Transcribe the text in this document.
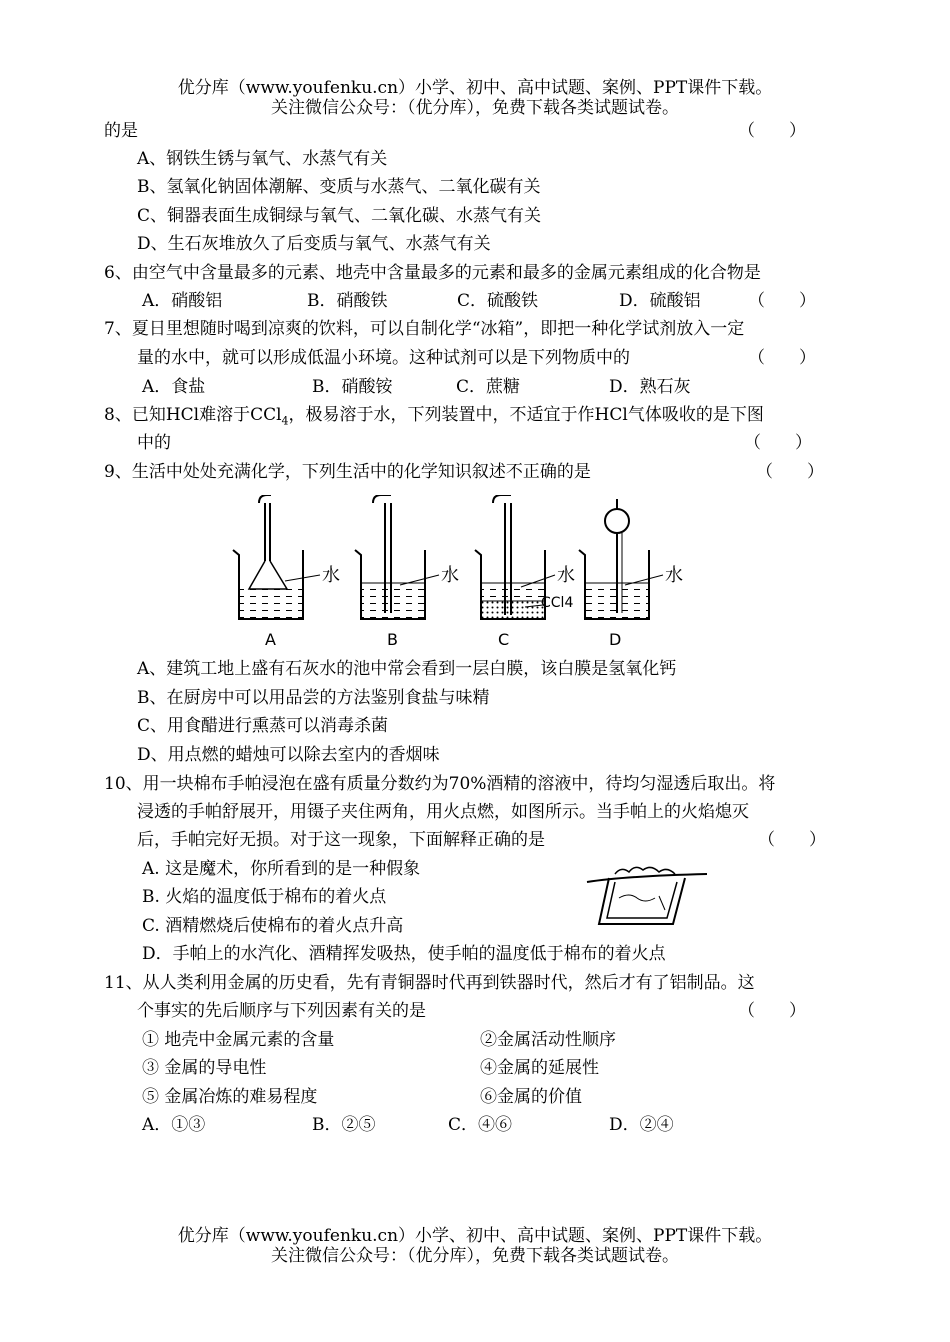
优分库（www.youfenku.cn）小学、初中、高中试题、案例、PPT课件下载。
关注微信公众号：（优分库），免费下载各类试题试卷。
的是	（　　）
A、钢铁生锈与氧气、水蒸气有关
B、氢氧化钠固体潮解、变质与水蒸气、二氧化碳有关
C、铜器表面生成铜绿与氧气、二氧化碳、水蒸气有关
D、生石灰堆放久了后变质与氧气、水蒸气有关
6、由空气中含量最多的元素、地壳中含量最多的元素和最多的金属元素组成的化合物是
A．硝酸铝	B．硝酸铁	C．硫酸铁	D．硫酸铝	（　　）
7、夏日里想随时喝到凉爽的饮料，可以自制化学“冰箱”，即把一种化学试剂放入一定
量的水中，就可以形成低温小环境。这种试剂可以是下列物质中的	（　　）
A．食盐	B．硝酸铵	C．蔗糖	D．熟石灰
8、已知HCl难溶于CCl$_4$，极易溶于水，下列装置中，不适宜于作HCl气体吸收的是下图
中的	（　　）
9、生活中处处充满化学，下列生活中的化学知识叙述不正确的是	（　　）
水
A
水
B
水
CCl4
C
水
D
A、建筑工地上盛有石灰水的池中常会看到一层白膜，该白膜是氢氧化钙
B、在厨房中可以用品尝的方法鉴别食盐与味精
C、用食醋进行熏蒸可以消毒杀菌
D、用点燃的蜡烛可以除去室内的香烟味
10、用一块棉布手帕浸泡在盛有质量分数约为70%酒精的溶液中，待均匀湿透后取出。将
浸透的手帕舒展开，用镊子夹住两角，用火点燃，如图所示。当手帕上的火焰熄灭
后，手帕完好无损。对于这一现象，下面解释正确的是	（　　）
A. 这是魔术，你所看到的是一种假象
B. 火焰的温度低于棉布的着火点
C. 酒精燃烧后使棉布的着火点升高
D．手帕上的水汽化、酒精挥发吸热，使手帕的温度低于棉布的着火点
11、从人类利用金属的历史看，先有青铜器时代再到铁器时代，然后才有了铝制品。这
个事实的先后顺序与下列因素有关的是	（　　）
① 地壳中金属元素的含量	②金属活动性顺序
③ 金属的导电性	④金属的延展性
⑤ 金属冶炼的难易程度	⑥金属的价值
A．①③	B．②⑤	C．④⑥	D．②④
优分库（www.youfenku.cn）小学、初中、高中试题、案例、PPT课件下载。
关注微信公众号：（优分库），免费下载各类试题试卷。
